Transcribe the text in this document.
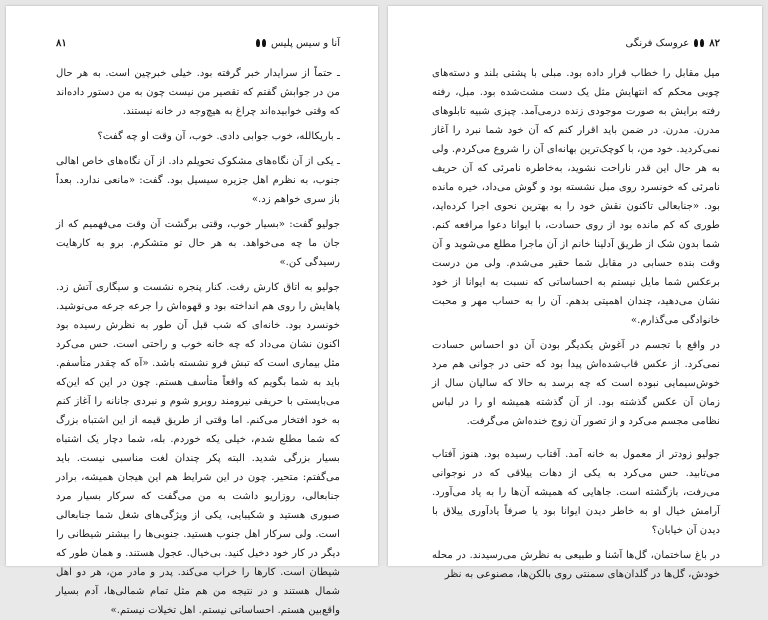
آنا و سیس پلیس
۸۱

ـ حتماً از سرایدار خبر گرفته بود. خیلی خبرچین است. به هر حال من در جوابش گفتم که تقصیر من نیست چون به من دستور داده‌اند که وقتی خوابیده‌اند چراغ به هیچ‌وجه در خانه نیستند.

ـ باریکالله، خوب جوابی دادی. خوب، آن وقت او چه گفت؟

ـ یکی از آن نگاه‌های مشکوک تحویلم داد. از آن نگاه‌های خاص اهالی جنوب، به نظرم اهل جزیره سیسیل بود. گفت: «مانعی ندارد. بعداً باز سری خواهم زد.»

جولیو گفت: «بسیار خوب، وقتی برگشت آن وقت می‌فهمیم که از جان ما چه می‌خواهد. به هر حال تو متشکرم. برو به کارهایت رسیدگی کن.»

جولیو به اتاق کارش رفت. کنار پنجره نشست و سیگاری آتش زد. پاهایش را روی هم انداخته بود و قهوه‌اش را جرعه جرعه می‌نوشید. خونسرد بود. خانه‌ای که شب قبل آن طور به نظرش رسیده بود اکنون نشان می‌داد که چه خانه خوب و راحتی است. حس می‌کرد مثل بیماری است که تبش فرو نشسته باشد. «آه که چقدر متأسفم. باید به شما بگویم که واقعاً متأسف هستم. چون در این که این‌که می‌بایستی با حریفی نیرومند روبرو شوم و نبردی جانانه را آغاز کنم به خود افتخار می‌کنم. اما وقتی از طریق قیمه از این اشتباه بزرگ که شما مطلع شدم، خیلی یکه خوردم. بله، شما دچار یک اشتباه بسیار بزرگی شدید. البته پکر چندان لغت مناسبی نیست. باید می‌گفتم: متحیر. چون در این شرایط هم این هیجان همیشه، برادر جنابعالی، روزاریو داشت به من می‌گفت که سرکار بسیار مرد صبوری هستید و شکیبایی، یکی از ویژگی‌های شغل شما جنابعالی است. ولی سرکار اهل جنوب هستید. جنوبی‌ها را بیشتر شیطانی را دیگر در کار خود دخیل کنید. بی‌خیال. عجول هستند. و همان طور که شیطان است. کارها را خراب می‌کند. پدر و مادر من، هر دو اهل شمال هستند و در نتیجه من هم مثل تمام شمالی‌ها، آدم بسیار واقع‌بین هستم. احساساتی نیستم. اهل تخیلات نیستم.»

۸۲
عروسک فرنگی

میل مقابل را خطاب قرار داده بود. مبلی با پشتی بلند و دسته‌های چوبی محکم که انتهایش مثل یک دست مشت‌شده بود. مبل، رفته رفته برایش به صورت موجودی زنده درمی‌آمد. چیزی شبیه تابلوهای مدرن. مدرن. در ضمن باید اقرار کنم که آن خود شما نبرد را آغاز نمی‌کردید. خود من، با کوچک‌ترین بهانه‌ای آن را شروع می‌کردم. ولی به هر حال این قدر ناراحت نشوید، به‌خاطره نامرئی که آن حریف نامرئی که خونسرد روی مبل نشسته بود و گوش می‌داد، خیره مانده بود. «جنابعالی تاکنون نقش خود را به بهترین نحوی اجرا کرده‌اید، طوری که کم مانده بود از روی حسادت، با ایوانا دعوا مرافعه کنم. شما بدون شک از طریق آدلینا خانم از آن ماجرا مطلع می‌شوید و آن وقت بنده حسابی در مقابل شما حقیر می‌شدم. ولی من درست برعکس شما مایل نیستم به احساساتی که نسبت به ایوانا از خود نشان می‌دهید، چندان اهمیتی بدهم. آن را به حساب مهر و محبت خانوادگی می‌گذارم.»

در واقع با تجسم در آغوش یکدیگر بودن آن دو احساس حسادت نمی‌کرد. از عکس قاب‌شده‌اش پیدا بود که حتی در جوانی هم مرد خوش‌سیمایی نبوده است که چه برسد به حالا که سالیان سال از زمان آن عکس گذشته بود. از آن گذشته همیشه او را در لباس نظامی مجسم می‌کرد و از تصور آن زوج خنده‌اش می‌گرفت.

جولیو زودتر از معمول به خانه آمد. آفتاب رسیده بود. هنوز آفتاب می‌تابید. حس می‌کرد به یکی از دهات ییلاقی که در نوجوانی می‌رفت، بازگشته است. جاهایی که همیشه آن‌ها را به یاد می‌آورد. آرامش خیال او به خاطر دیدن ایوانا بود یا صرفاً یادآوری ییلاق با دیدن آن خیابان؟

در باغ ساختمان، گل‌ها آشنا و طبیعی به نظرش می‌رسیدند. در محله خودش، گل‌ها در گلدان‌های سمنتی روی بالکن‌ها، مصنوعی به نظر
